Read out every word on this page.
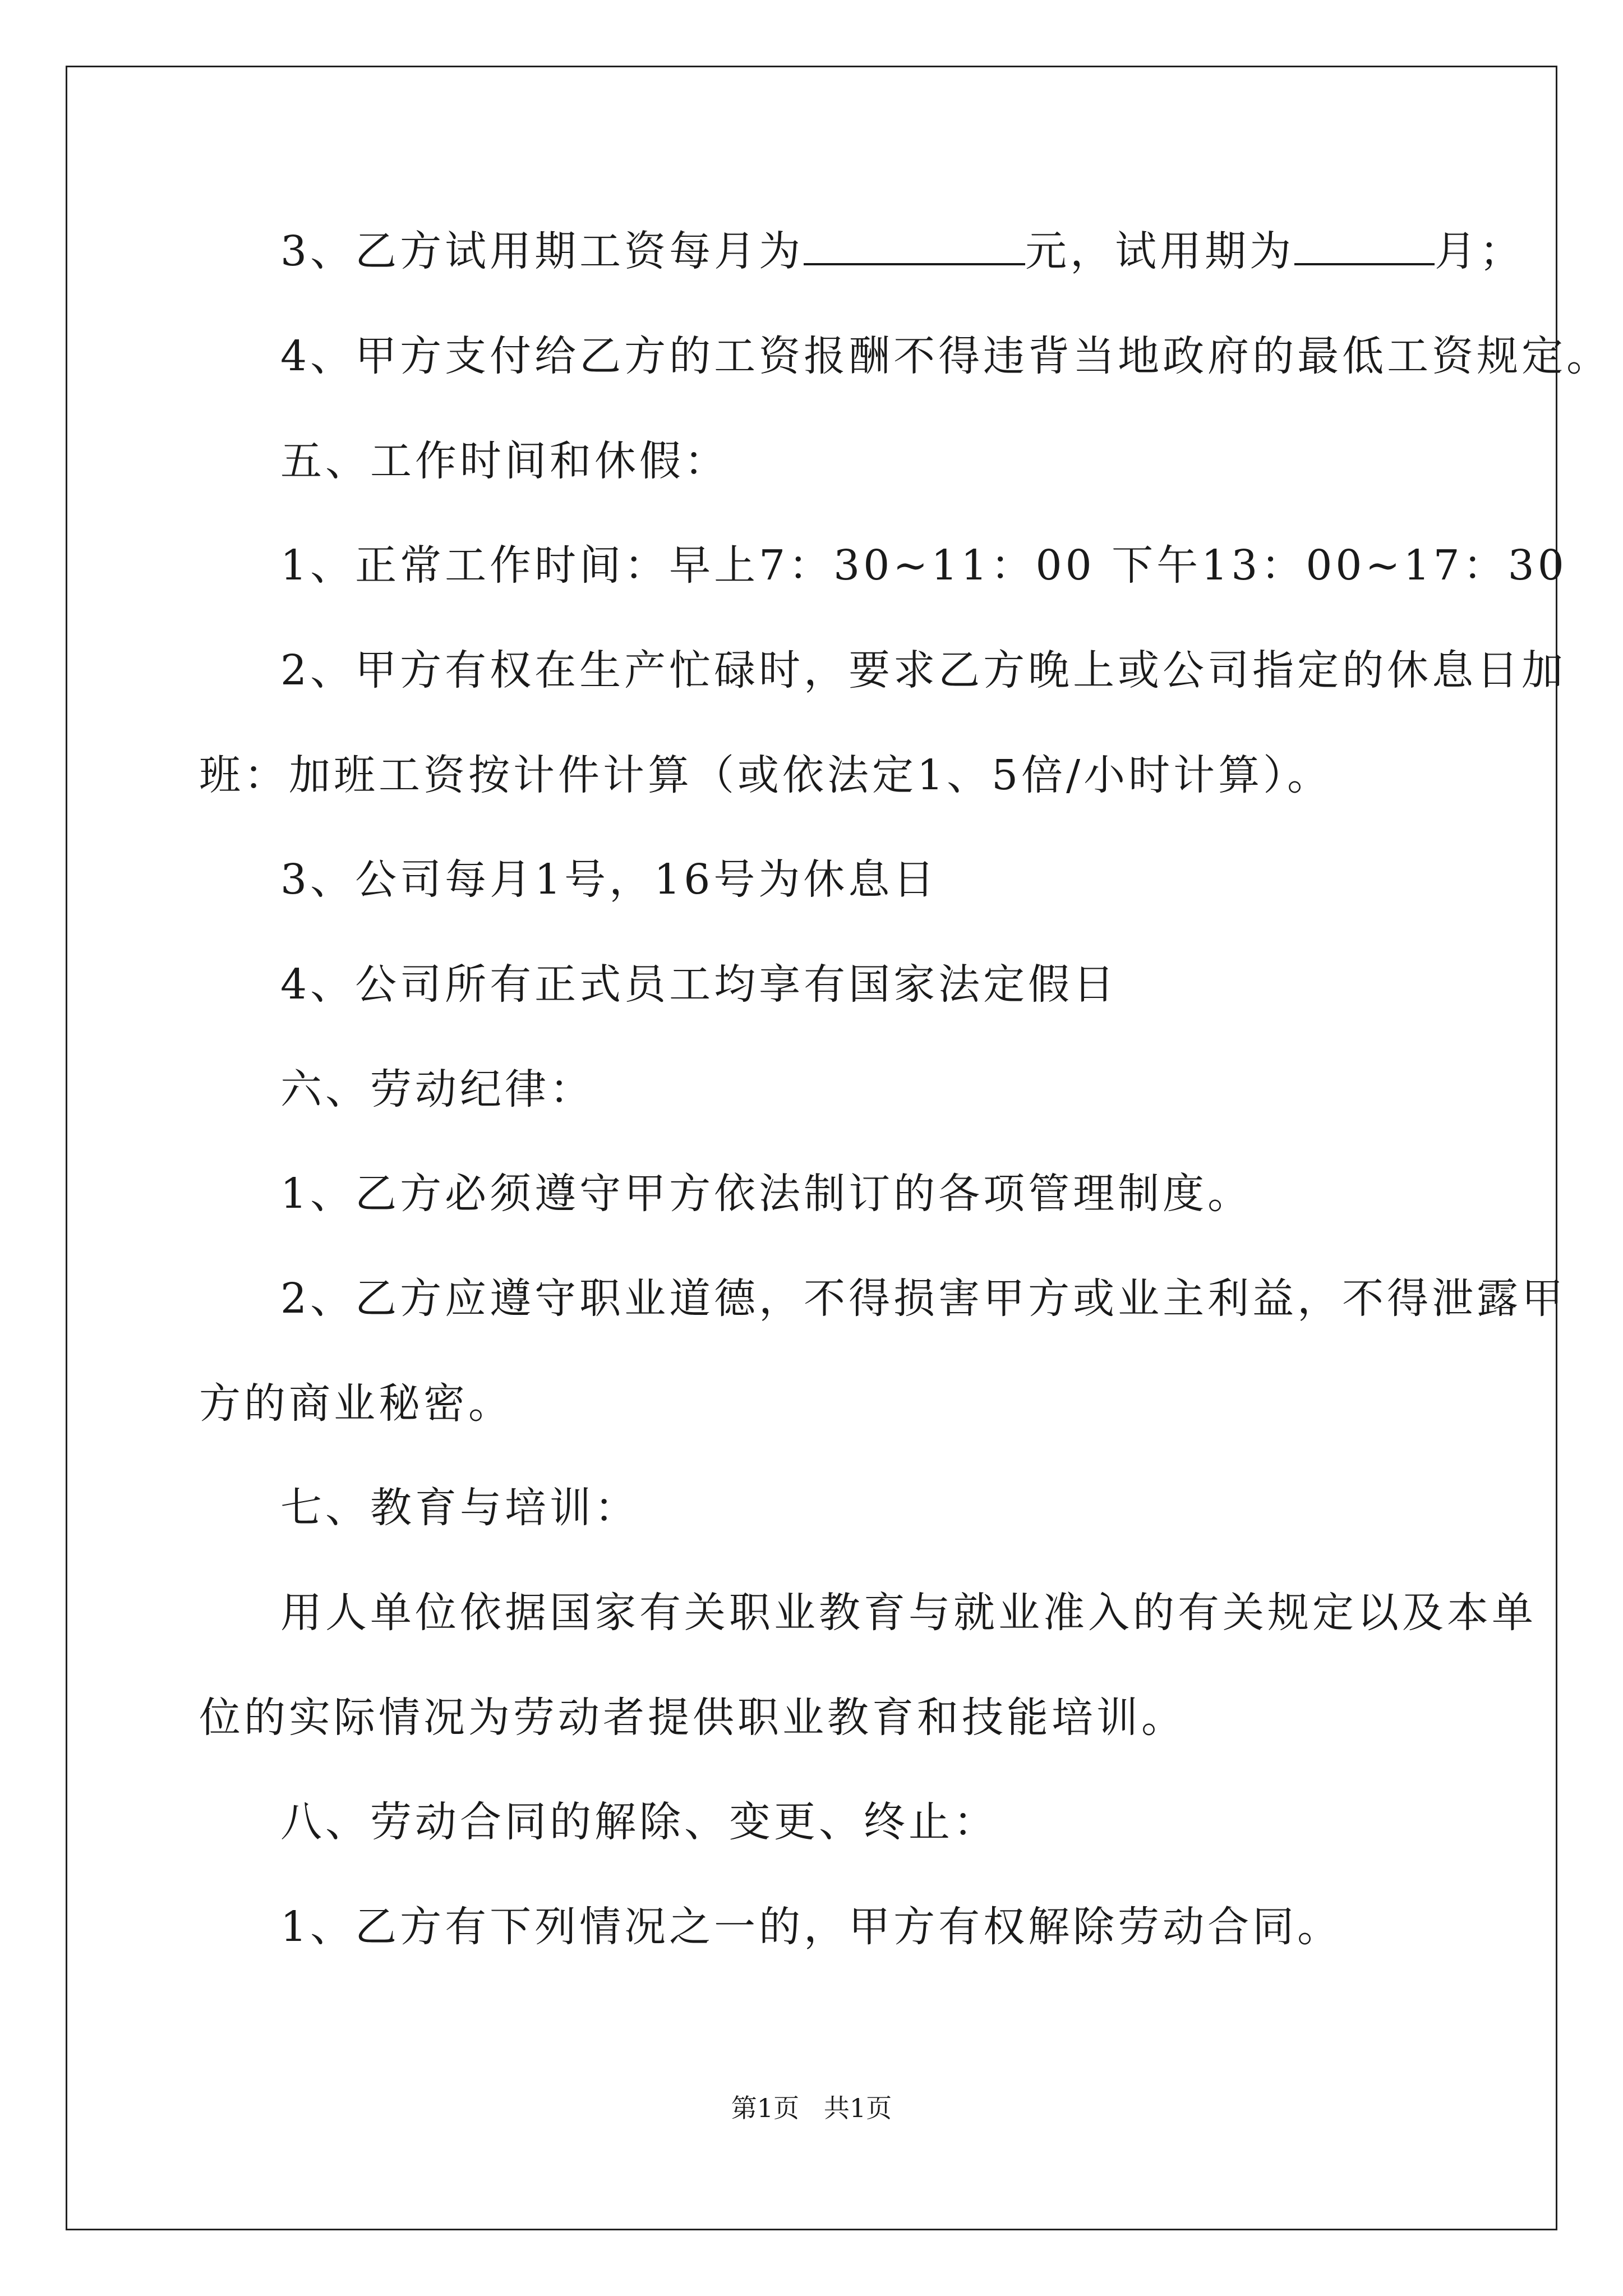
3、乙方试用期工资每月为	元，试用期为	月；
4、甲方支付给乙方的工资报酬不得违背当地政府的最低工资规定。
五、工作时间和休假：
1、正常工作时间：早上7：30~11：00 下午13：00~17：30
2、甲方有权在生产忙碌时，要求乙方晚上或公司指定的休息日加
班：加班工资按计件计算（或依法定1、5倍/小时计算）。
3、公司每月1号，16号为休息日
4、公司所有正式员工均享有国家法定假日
六、劳动纪律：
1、乙方必须遵守甲方依法制订的各项管理制度。
2、乙方应遵守职业道德，不得损害甲方或业主利益，不得泄露甲
方的商业秘密。
七、教育与培训：
用人单位依据国家有关职业教育与就业准入的有关规定以及本单
位的实际情况为劳动者提供职业教育和技能培训。
八、劳动合同的解除、变更、终止：
1、乙方有下列情况之一的，甲方有权解除劳动合同。
第1页   共1页
